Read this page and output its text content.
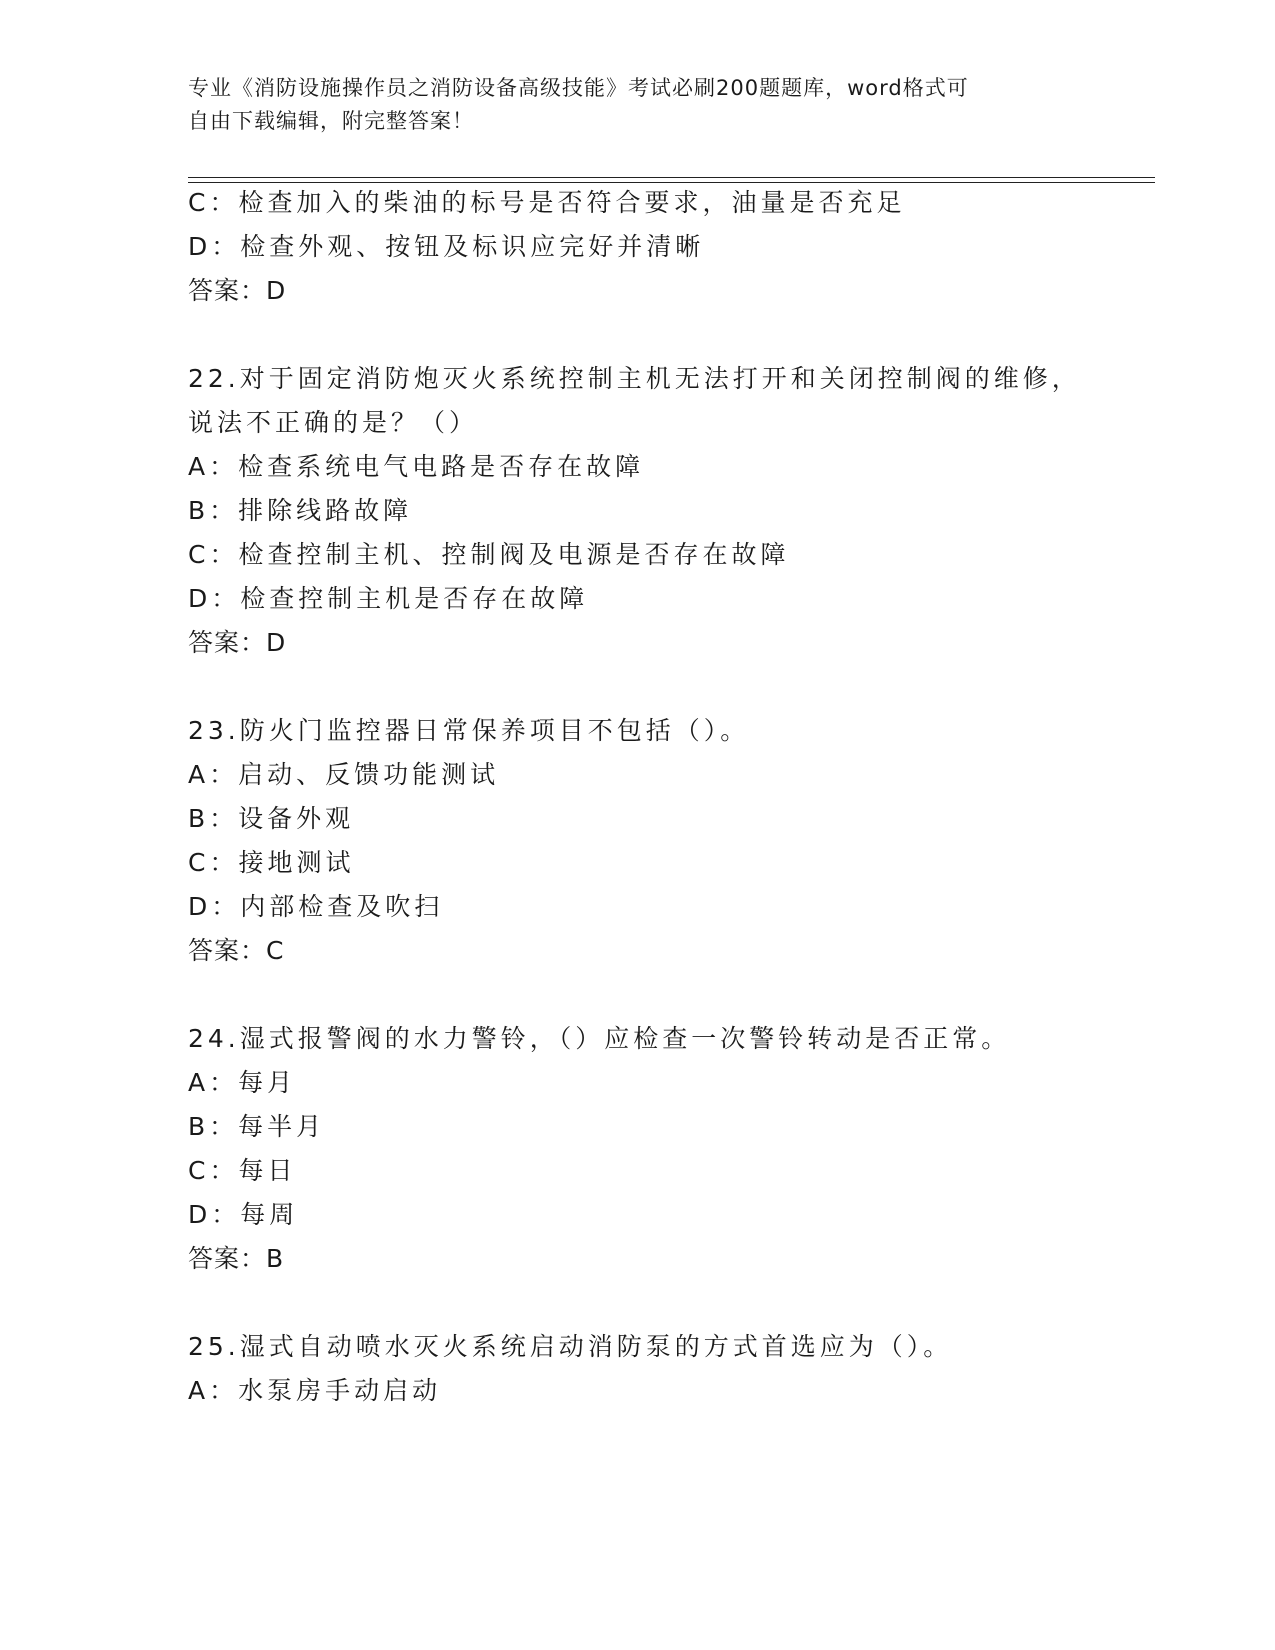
专业《消防设施操作员之消防设备高级技能》考试必刷200题题库，word格式可
自由下载编辑，附完整答案！
C：检查加入的柴油的标号是否符合要求，油量是否充足
D：检查外观、按钮及标识应完好并清晰
答案：D
22.对于固定消防炮灭火系统控制主机无法打开和关闭控制阀的维修，
说法不正确的是？（）
A：检查系统电气电路是否存在故障
B：排除线路故障
C：检查控制主机、控制阀及电源是否存在故障
D：检查控制主机是否存在故障
答案：D
23.防火门监控器日常保养项目不包括（）。
A：启动、反馈功能测试
B：设备外观
C：接地测试
D：内部检查及吹扫
答案：C
24.湿式报警阀的水力警铃，（）应检查一次警铃转动是否正常。
A：每月
B：每半月
C：每日
D：每周
答案：B
25.湿式自动喷水灭火系统启动消防泵的方式首选应为（）。
A：水泵房手动启动
